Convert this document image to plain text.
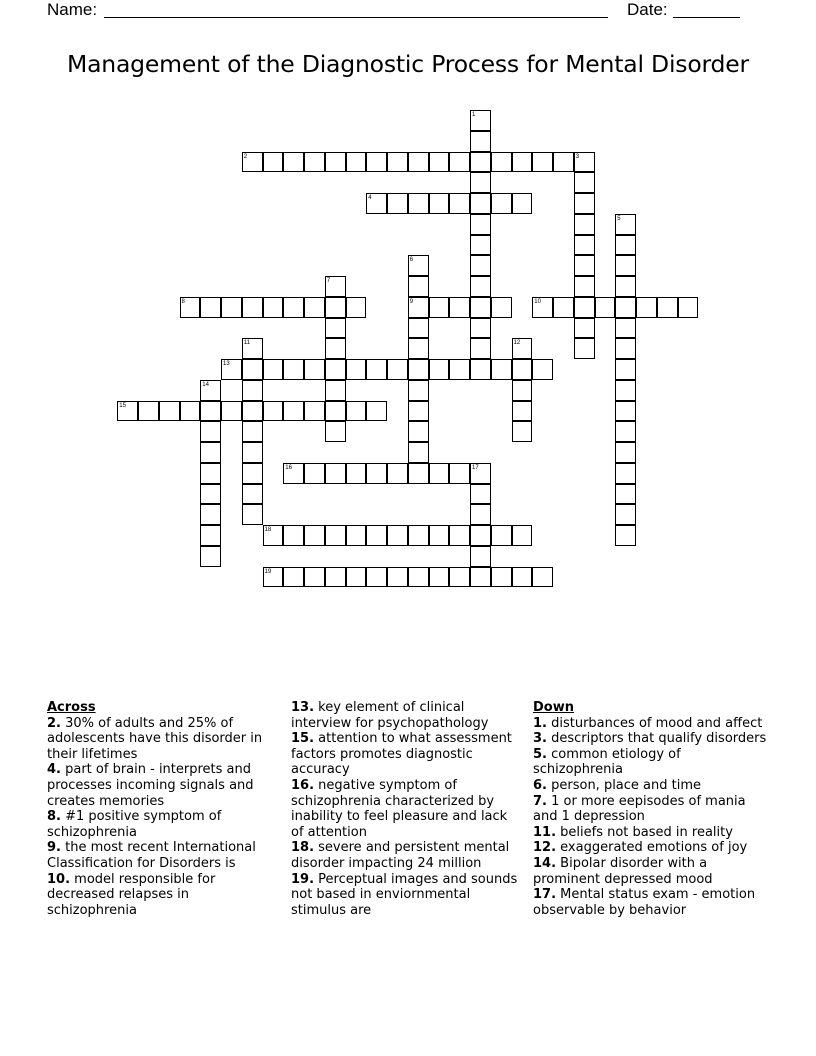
Name:	Date:
Management of the Diagnostic Process for Mental Disorder
1
2	3
4
5
6
7
8	9	10
11	12
13
14
15
16	17
18
19
Across
2. 30% of adults and 25% of adolescents have this disorder in their lifetimes
4. part of brain - interprets and processes incoming signals and creates memories
8. #1 positive symptom of schizophrenia
9. the most recent International Classification for Disorders is
10. model responsible for decreased relapses in schizophrenia
13. key element of clinical interview for psychopathology
15. attention to what assessment factors promotes diagnostic accuracy
16. negative symptom of schizophrenia characterized by inability to feel pleasure and lack of attention
18. severe and persistent mental disorder impacting 24 million
19. Perceptual images and sounds not based in enviornmental stimulus are
Down
1. disturbances of mood and affect
3. descriptors that qualify disorders
5. common etiology of schizophrenia
6. person, place and time
7. 1 or more eepisodes of mania and 1 depression
11. beliefs not based in reality
12. exaggerated emotions of joy
14. Bipolar disorder with a prominent depressed mood
17. Mental status exam - emotion observable by behavior
